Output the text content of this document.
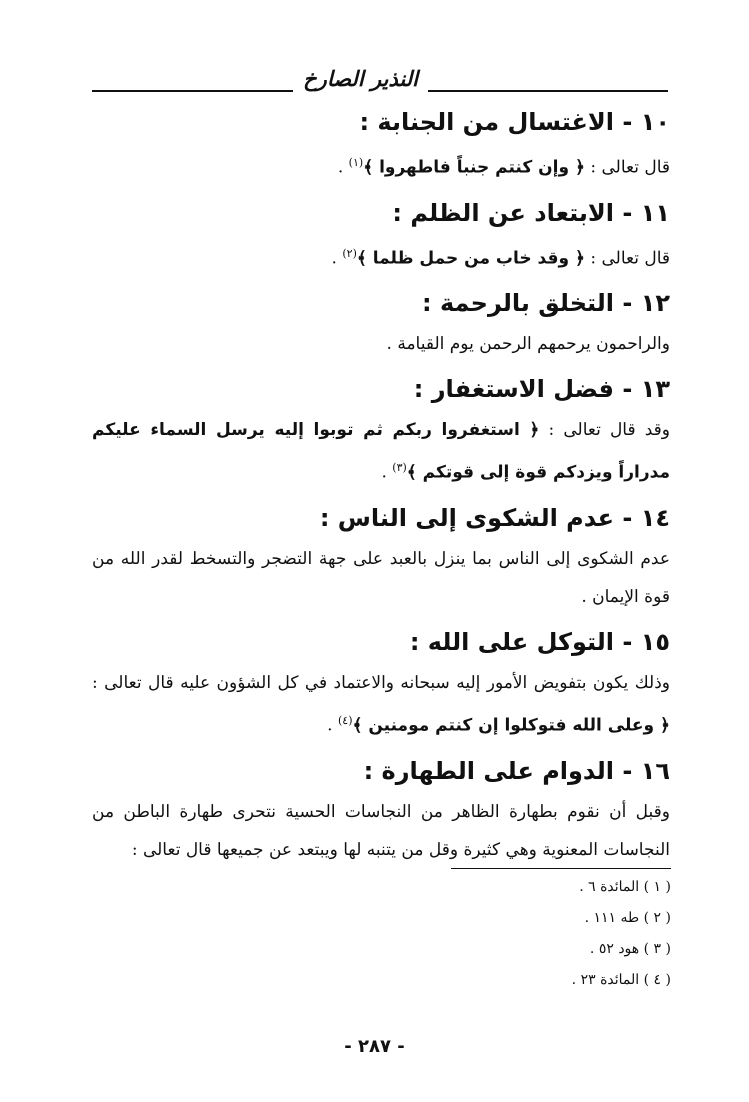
النذير الصارخ
١٠ - الاغتسال من الجنابة :

قال تعالى : ﴿ وإن كنتم جنباً فاطهروا ﴾$^{(١)}$ .

١١ - الابتعاد عن الظلم :

قال تعالى : ﴿ وقد خاب من حمل ظلما ﴾$^{(٢)}$ .

١٢ - التخلق بالرحمة :

والراحمون يرحمهم الرحمن يوم القيامة .

١٣ - فضل الاستغفار :

وقد قال تعالى : ﴿ استغفروا ربكم ثم توبوا إليه يرسل السماء عليكم مدراراً ويزدكم قوة إلى قوتكم ﴾$^{(٣)}$ .

١٤ - عدم الشكوى إلى الناس :

عدم الشكوى إلى الناس بما ينزل بالعبد على جهة التضجر والتسخط لقدر الله من قوة الإيمان .

١٥ - التوكل على الله :

وذلك يكون بتفويض الأمور إليه سبحانه والاعتماد في كل الشؤون عليه قال تعالى : ﴿ وعلى الله فتوكلوا إن كنتم مومنين ﴾$^{(٤)}$ .

١٦ - الدوام على الطهارة :

وقبل أن نقوم بطهارة الظاهر من النجاسات الحسية نتحرى طهارة الباطن من النجاسات المعنوية وهي كثيرة وقل من يتنبه لها ويبتعد عن جميعها قال تعالى :

( ١ ) المائدة ٦ .
( ٢ ) طه ١١١ .
( ٣ ) هود ٥٢ .
( ٤ ) المائدة ٢٣ .
- ٢٨٧ -
